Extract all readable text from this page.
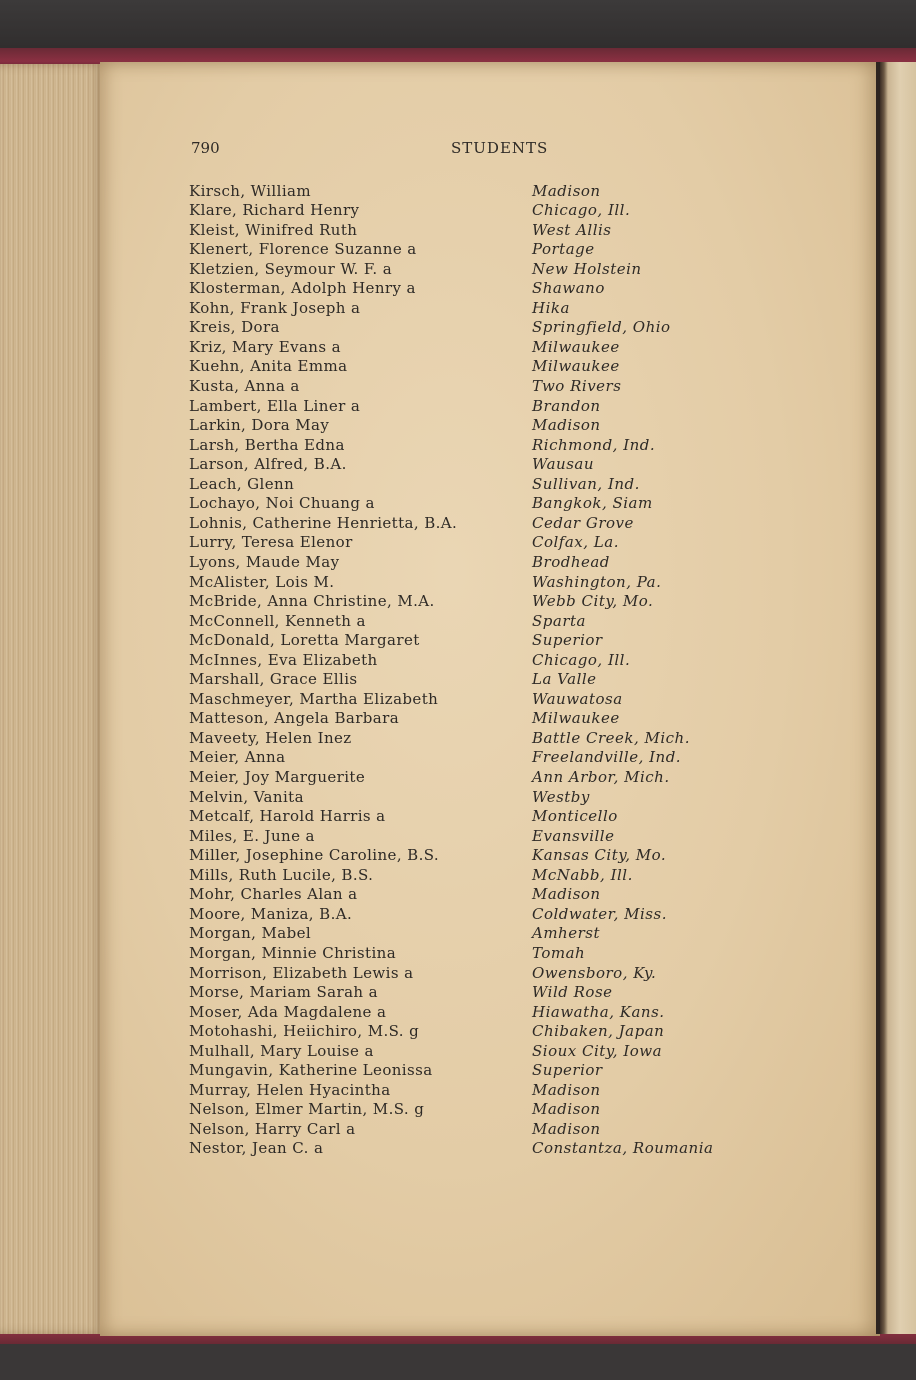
790	STUDENTS
Kirsch, William	Madison
Klare, Richard Henry	Chicago, Ill.
Kleist, Winifred Ruth	West Allis
Klenert, Florence Suzanne a	Portage
Kletzien, Seymour W. F. a	New Holstein
Klosterman, Adolph Henry a	Shawano
Kohn, Frank Joseph a	Hika
Kreis, Dora	Springfield, Ohio
Kriz, Mary Evans a	Milwaukee
Kuehn, Anita Emma	Milwaukee
Kusta, Anna a	Two Rivers
Lambert, Ella Liner a	Brandon
Larkin, Dora May	Madison
Larsh, Bertha Edna	Richmond, Ind.
Larson, Alfred, B.A.	Wausau
Leach, Glenn	Sullivan, Ind.
Lochayo, Noi Chuang a	Bangkok, Siam
Lohnis, Catherine Henrietta, B.A.	Cedar Grove
Lurry, Teresa Elenor	Colfax, La.
Lyons, Maude May	Brodhead
McAlister, Lois M.	Washington, Pa.
McBride, Anna Christine, M.A.	Webb City, Mo.
McConnell, Kenneth a	Sparta
McDonald, Loretta Margaret	Superior
McInnes, Eva Elizabeth	Chicago, Ill.
Marshall, Grace Ellis	La Valle
Maschmeyer, Martha Elizabeth	Wauwatosa
Matteson, Angela Barbara	Milwaukee
Maveety, Helen Inez	Battle Creek, Mich.
Meier, Anna	Freelandville, Ind.
Meier, Joy Marguerite	Ann Arbor, Mich.
Melvin, Vanita	Westby
Metcalf, Harold Harris a	Monticello
Miles, E. June a	Evansville
Miller, Josephine Caroline, B.S.	Kansas City, Mo.
Mills, Ruth Lucile, B.S.	McNabb, Ill.
Mohr, Charles Alan a	Madison
Moore, Maniza, B.A.	Coldwater, Miss.
Morgan, Mabel	Amherst
Morgan, Minnie Christina	Tomah
Morrison, Elizabeth Lewis a	Owensboro, Ky.
Morse, Mariam Sarah a	Wild Rose
Moser, Ada Magdalene a	Hiawatha, Kans.
Motohashi, Heiichiro, M.S. g	Chibaken, Japan
Mulhall, Mary Louise a	Sioux City, Iowa
Mungavin, Katherine Leonissa	Superior
Murray, Helen Hyacintha	Madison
Nelson, Elmer Martin, M.S. g	Madison
Nelson, Harry Carl a	Madison
Nestor, Jean C. a	Constantza, Roumania
